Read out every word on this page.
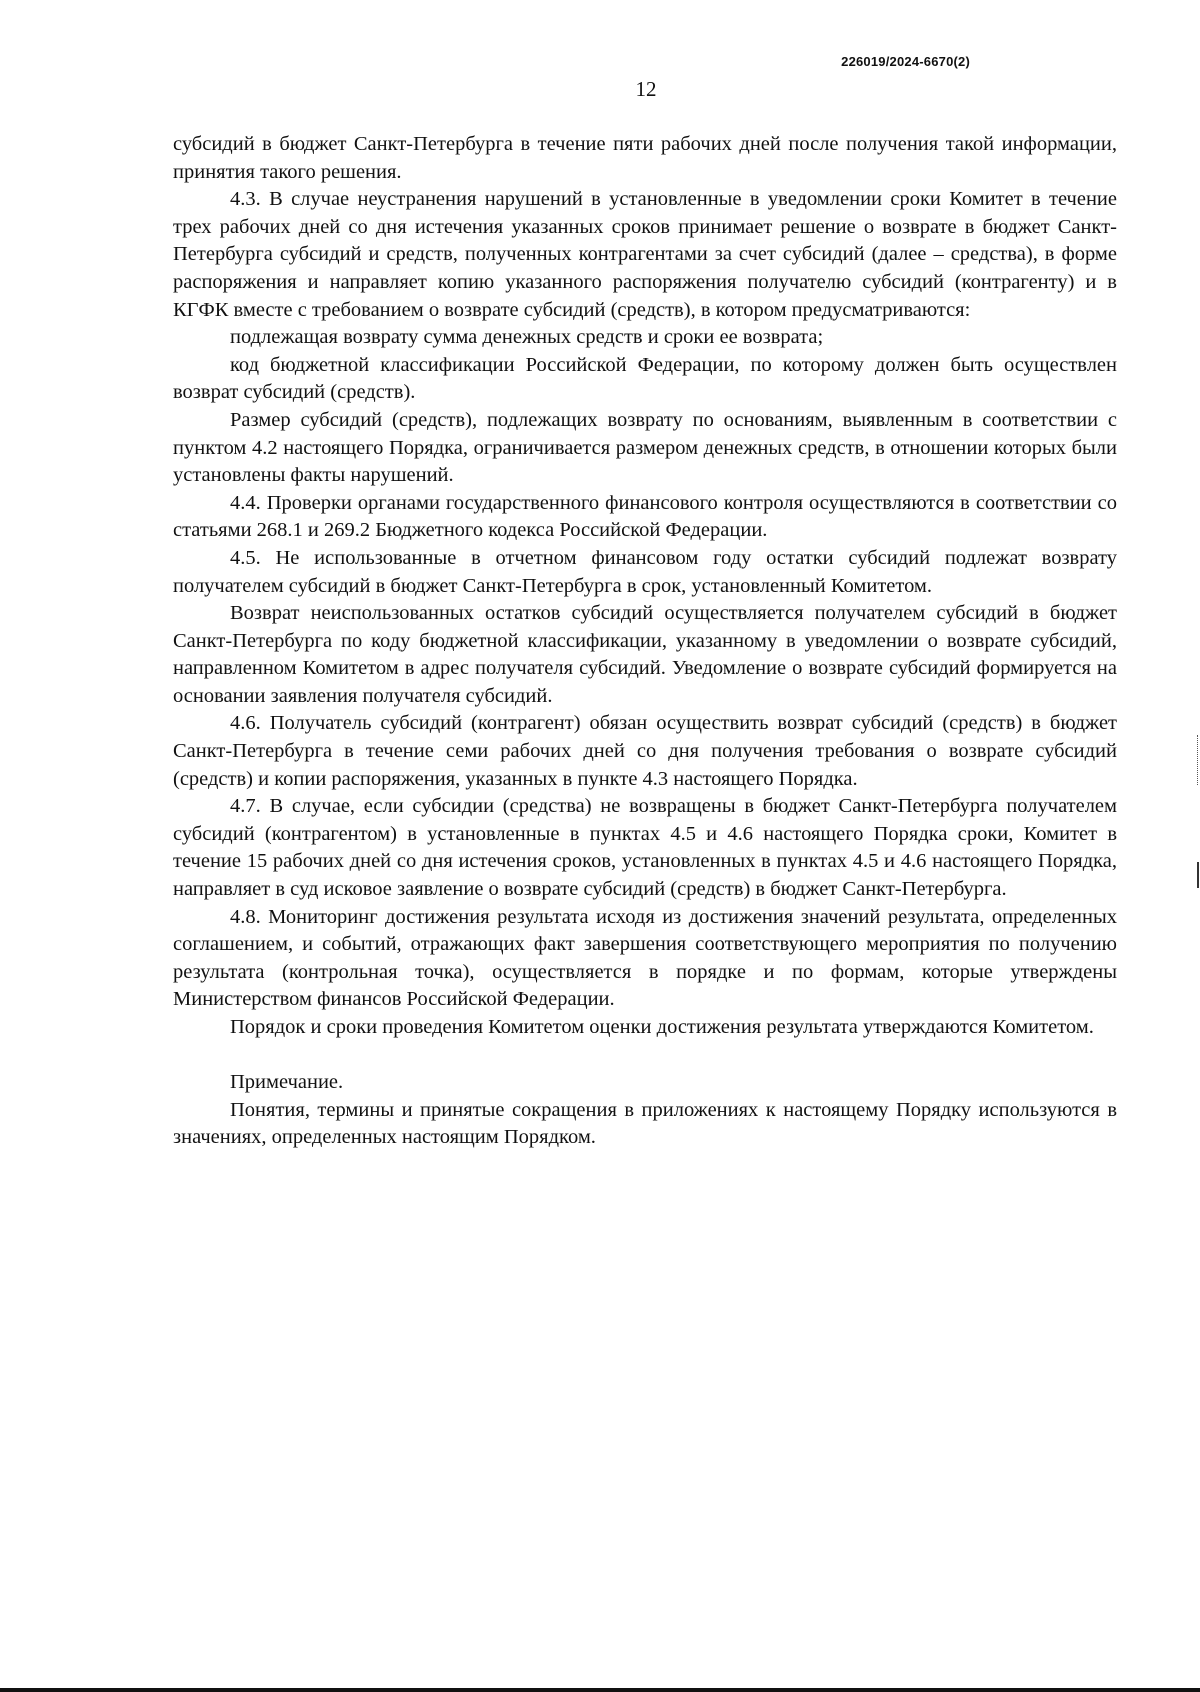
226019/2024-6670(2)
12

субсидий в бюджет Санкт-Петербурга в течение пяти рабочих дней после получения такой информации, принятия такого решения.

4.3. В случае неустранения нарушений в установленные в уведомлении сроки Комитет в течение трех рабочих дней со дня истечения указанных сроков принимает решение о возврате в бюджет Санкт-Петербурга субсидий и средств, полученных контрагентами за счет субсидий (далее – средства), в форме распоряжения и направляет копию указанного распоряжения получателю субсидий (контрагенту) и в КГФК вместе с требованием о возврате субсидий (средств), в котором предусматриваются:

подлежащая возврату сумма денежных средств и сроки ее возврата;

код бюджетной классификации Российской Федерации, по которому должен быть осуществлен возврат субсидий (средств).

Размер субсидий (средств), подлежащих возврату по основаниям, выявленным в соответствии с пунктом 4.2 настоящего Порядка, ограничивается размером денежных средств, в отношении которых были установлены факты нарушений.

4.4. Проверки органами государственного финансового контроля осуществляются в соответствии со статьями 268.1 и 269.2 Бюджетного кодекса Российской Федерации.

4.5. Не использованные в отчетном финансовом году остатки субсидий подлежат возврату получателем субсидий в бюджет Санкт-Петербурга в срок, установленный Комитетом.

Возврат неиспользованных остатков субсидий осуществляется получателем субсидий в бюджет Санкт-Петербурга по коду бюджетной классификации, указанному в уведомлении о возврате субсидий, направленном Комитетом в адрес получателя субсидий. Уведомление о возврате субсидий формируется на основании заявления получателя субсидий.

4.6. Получатель субсидий (контрагент) обязан осуществить возврат субсидий (средств) в бюджет Санкт-Петербурга в течение семи рабочих дней со дня получения требования о возврате субсидий (средств) и копии распоряжения, указанных в пункте 4.3 настоящего Порядка.

4.7. В случае, если субсидии (средства) не возвращены в бюджет Санкт-Петербурга получателем субсидий (контрагентом) в установленные в пунктах 4.5 и 4.6 настоящего Порядка сроки, Комитет в течение 15 рабочих дней со дня истечения сроков, установленных в пунктах 4.5 и 4.6 настоящего Порядка, направляет в суд исковое заявление о возврате субсидий (средств) в бюджет Санкт-Петербурга.

4.8. Мониторинг достижения результата исходя из достижения значений результата, определенных соглашением, и событий, отражающих факт завершения соответствующего мероприятия по получению результата (контрольная точка), осуществляется в порядке и по формам, которые утверждены Министерством финансов Российской Федерации.

Порядок и сроки проведения Комитетом оценки достижения результата утверждаются Комитетом.

Примечание.

Понятия, термины и принятые сокращения в приложениях к настоящему Порядку используются в значениях, определенных настоящим Порядком.
